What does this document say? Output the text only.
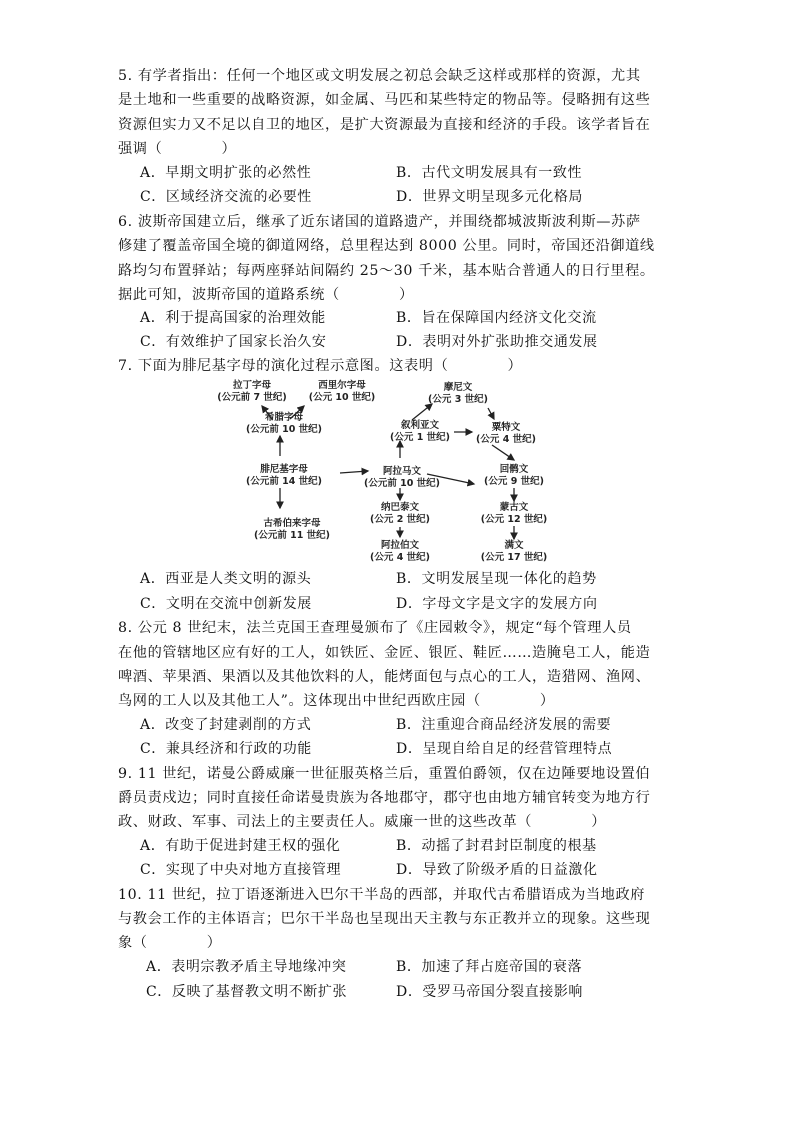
5. 有学者指出：任何一个地区或文明发展之初总会缺乏这样或那样的资源，尤其
是土地和一些重要的战略资源，如金属、马匹和某些特定的物品等。侵略拥有这些
资源但实力又不足以自卫的地区，是扩大资源最为直接和经济的手段。该学者旨在
强调（　　　　）
A．早期文明扩张的必然性	B．古代文明发展具有一致性
C．区域经济交流的必要性	D．世界文明呈现多元化格局
6. 波斯帝国建立后，继承了近东诸国的道路遗产，并围绕都城波斯波利斯—苏萨
修建了覆盖帝国全境的御道网络，总里程达到 8000 公里。同时，帝国还沿御道线
路均匀布置驿站；每两座驿站间隔约 25～30 千米，基本贴合普通人的日行里程。
据此可知，波斯帝国的道路系统（　　　　）
A．利于提高国家的治理效能	B．旨在保障国内经济文化交流
C．有效维护了国家长治久安	D．表明对外扩张助推交通发展
7. 下面为腓尼基字母的演化过程示意图。这表明（　　　　）
拉丁字母
(公元前 7 世纪)
西里尔字母
(公元 10 世纪)
希腊字母
(公元前 10 世纪)
腓尼基字母
(公元前 14 世纪)
古希伯来字母
(公元前 11 世纪)
摩尼文
(公元 3 世纪)
叙利亚文
(公元 1 世纪)
粟特文
(公元 4 世纪)
阿拉马文
(公元前 10 世纪)
纳巴泰文
(公元 2 世纪)
阿拉伯文
(公元 4 世纪)
回鹘文
(公元 9 世纪)
蒙古文
(公元 12 世纪)
满文
(公元 17 世纪)
A．西亚是人类文明的源头	B．文明发展呈现一体化的趋势
C．文明在交流中创新发展	D．字母文字是文字的发展方向
8. 公元 8 世纪末，法兰克国王查理曼颁布了《庄园敕令》，规定“每个管理人员
在他的管辖地区应有好的工人，如铁匠、金匠、银匠、鞋匠……造腌皂工人，能造
啤酒、苹果酒、果酒以及其他饮料的人，能烤面包与点心的工人，造猎网、渔网、
鸟网的工人以及其他工人”。这体现出中世纪西欧庄园（　　　　）
A．改变了封建剥削的方式	B．注重迎合商品经济发展的需要
C．兼具经济和行政的功能	D．呈现自给自足的经营管理特点
9. 11 世纪，诺曼公爵威廉一世征服英格兰后，重置伯爵领，仅在边陲要地设置伯
爵员责戍边；同时直接任命诺曼贵族为各地郡守，郡守也由地方辅官转变为地方行
政、财政、军事、司法上的主要责任人。威廉一世的这些改革（　　　　）
A．有助于促进封建王权的强化	B．动摇了封君封臣制度的根基
C．实现了中央对地方直接管理	D．导致了阶级矛盾的日益激化
10. 11 世纪，拉丁语逐渐进入巴尔干半岛的西部，并取代古希腊语成为当地政府
与教会工作的主体语言；巴尔干半岛也呈现出天主教与东正教并立的现象。这些现
象（　　　　）
A．表明宗教矛盾主导地缘冲突	B．加速了拜占庭帝国的衰落
C．反映了基督教文明不断扩张	D．受罗马帝国分裂直接影响
